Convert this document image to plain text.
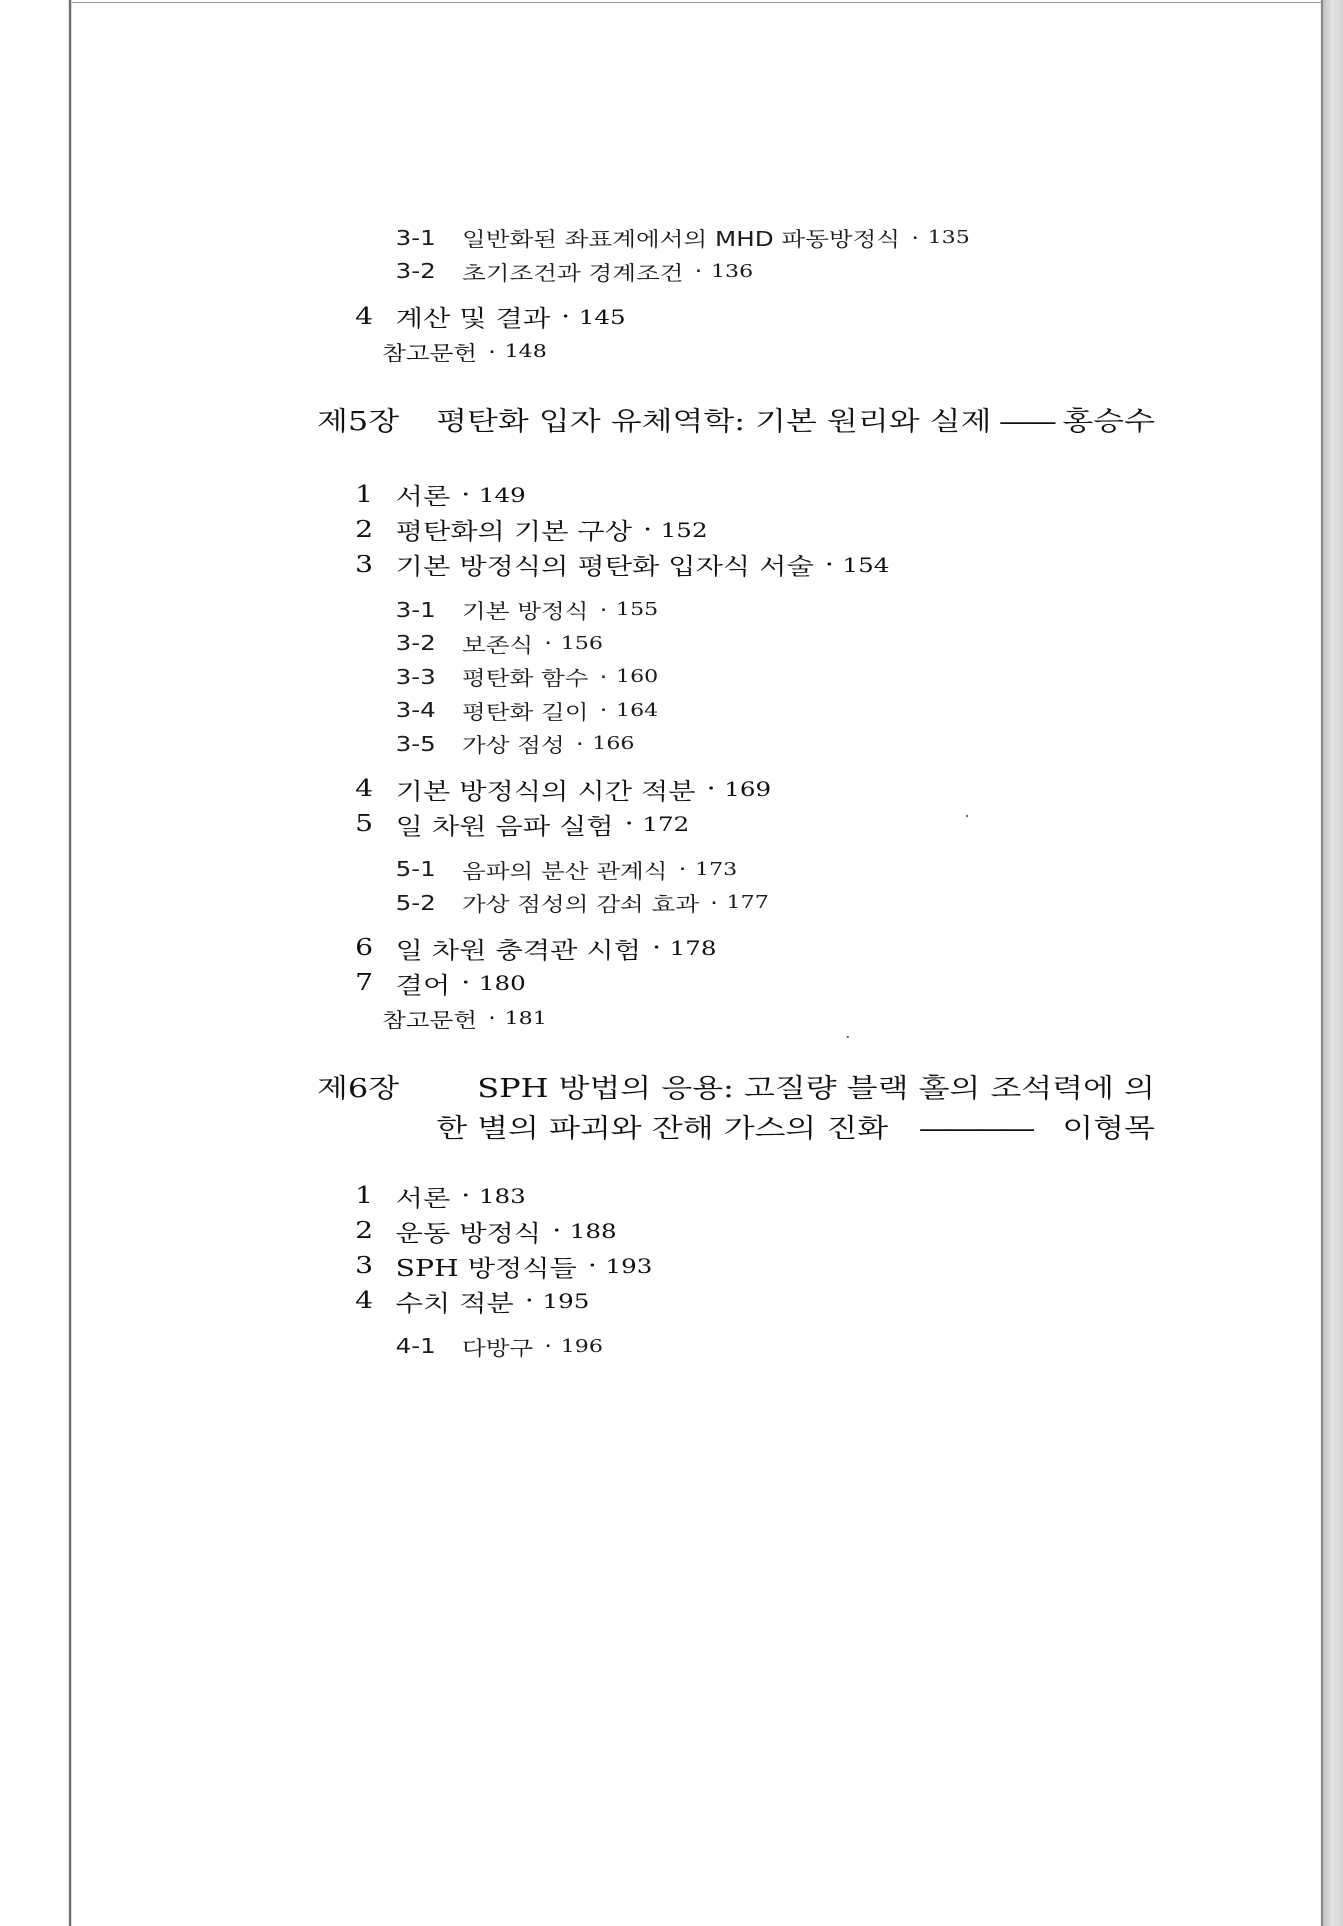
3-1	일반화된 좌표계에서의 MHD 파동방정식 · 135
3-2	초기조건과 경계조건 · 136
4 계산 및 결과 · 145
참고문헌 · 148
제5장 평탄화 입자 유체역학: 기본 원리와 실제 —— 홍승수
1 서론 · 149
2 평탄화의 기본 구상 · 152
3 기본 방정식의 평탄화 입자식 서술 · 154
3-1	기본 방정식 · 155
3-2	보존식 · 156
3-3	평탄화 함수 · 160
3-4	평탄화 길이 · 164
3-5	가상 점성 · 166
4 기본 방정식의 시간 적분 · 169
5 일 차원 음파 실험 · 172
5-1	음파의 분산 관계식 · 173
5-2	가상 점성의 감쇠 효과 · 177
6 일 차원 충격관 시험 · 178
7 결어 · 180
참고문헌 · 181
제6장	SPH 방법의 응용: 고질량 블랙 홀의 조석력에 의
한 별의 파괴와 잔해 가스의 진화	————	이형목
1 서론 · 183
2 운동 방정식 · 188
3 SPH 방정식들 · 193
4 수치 적분 · 195
4-1	다방구 · 196
